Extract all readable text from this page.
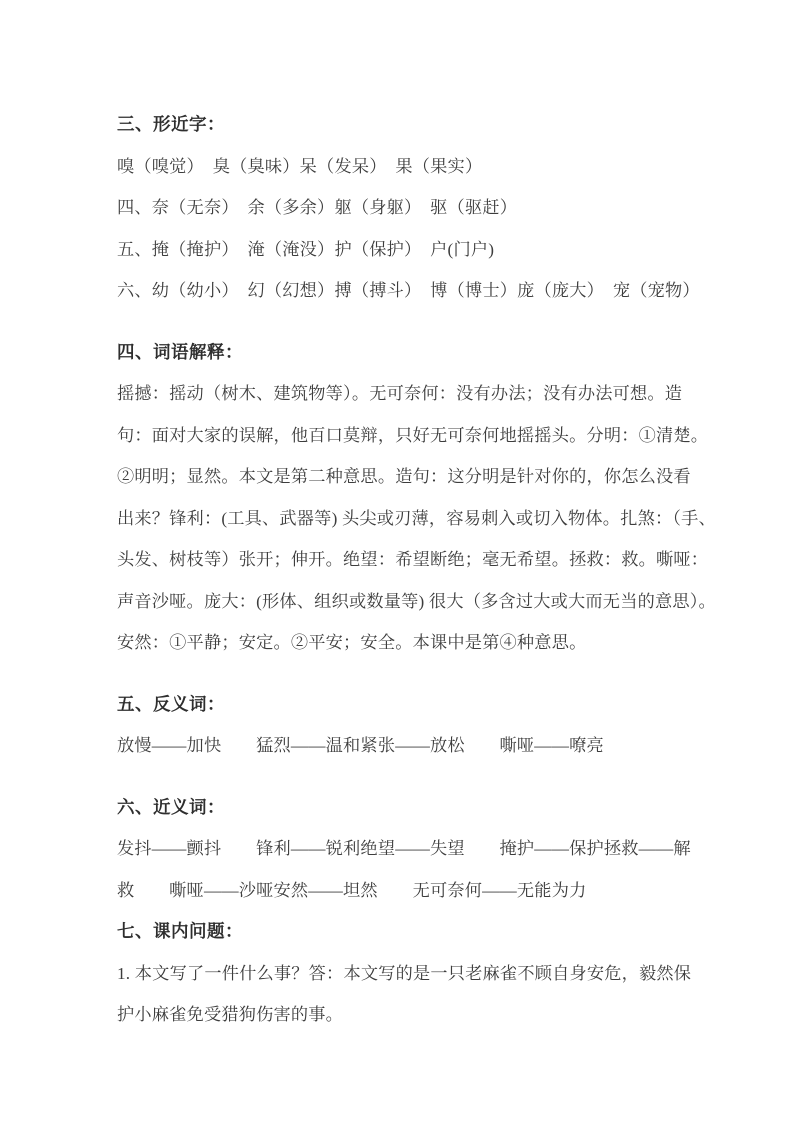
三、形近字：

嗅（嗅觉）　臭（臭味）呆（发呆）　果（果实）

四、奈（无奈）　余（多余）躯（身躯）　驱（驱赶）

五、掩（掩护）　淹（淹没）护（保护）　户(门户)

六、幼（幼小）　幻（幻想）搏（搏斗）　博（博士）庞（庞大）　宠（宠物）

四、词语解释：

摇撼：摇动（树木、建筑物等）。无可奈何：没有办法；没有办法可想。造

句：面对大家的误解，他百口莫辩，只好无可奈何地摇摇头。分明：①清楚。

②明明；显然。本文是第二种意思。造句：这分明是针对你的，你怎么没看

出来？锋利：(工具、武器等) 头尖或刃薄，容易刺入或切入物体。扎煞：（手、

头发、树枝等）张开；伸开。绝望：希望断绝；毫无希望。拯救：救。嘶哑：

声音沙哑。庞大：(形体、组织或数量等) 很大（多含过大或大而无当的意思）。

安然：①平静；安定。②平安；安全。本课中是第④种意思。

五、反义词：

放慢——加快　　猛烈——温和紧张——放松　　嘶哑——嘹亮

六、近义词：

发抖——颤抖　　锋利——锐利绝望——失望　　掩护——保护拯救——解

救　　嘶哑——沙哑安然——坦然　　无可奈何——无能为力

七、课内问题：

1. 本文写了一件什么事？答：本文写的是一只老麻雀不顾自身安危，毅然保

护小麻雀免受猎狗伤害的事。
